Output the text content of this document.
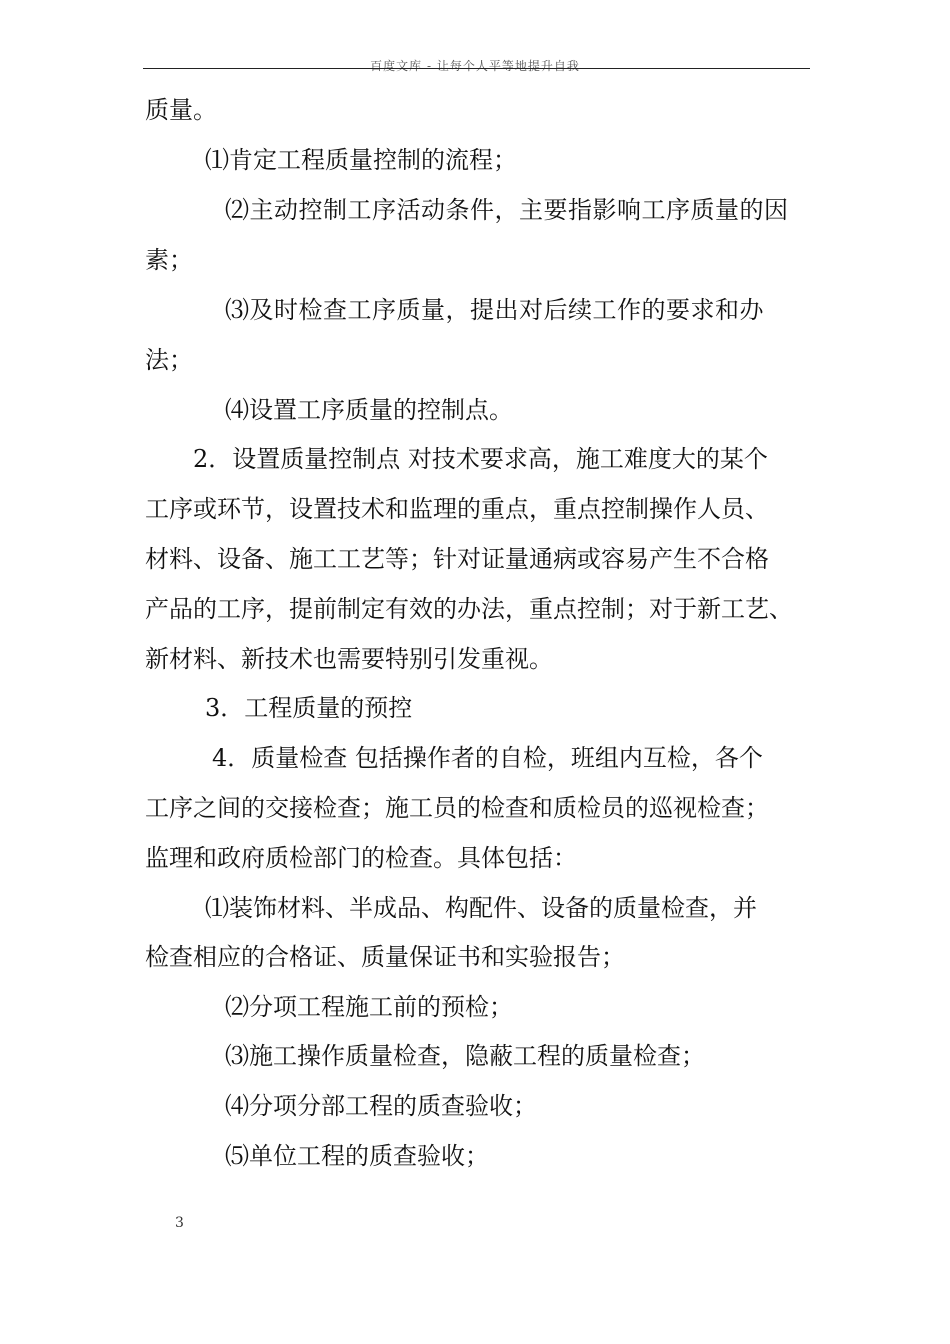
百度文库 - 让每个人平等地提升自我
质量。
⑴肯定工程质量控制的流程；
⑵主动控制工序活动条件，主要指影响工序质量的因
素；
⑶及时检查工序质量，提出对后续工作的要求和办
法；
⑷设置工序质量的控制点。
2．设置质量控制点 对技术要求高，施工难度大的某个
工序或环节，设置技术和监理的重点，重点控制操作人员、
材料、设备、施工工艺等；针对证量通病或容易产生不合格
产品的工序，提前制定有效的办法，重点控制；对于新工艺、
新材料、新技术也需要特别引发重视。
3．工程质量的预控
4．质量检查 包括操作者的自检，班组内互检，各个
工序之间的交接检查；施工员的检查和质检员的巡视检查；
监理和政府质检部门的检查。具体包括：
⑴装饰材料、半成品、构配件、设备的质量检查，并
检查相应的合格证、质量保证书和实验报告；
⑵分项工程施工前的预检；
⑶施工操作质量检查，隐蔽工程的质量检查；
⑷分项分部工程的质查验收；
⑸单位工程的质查验收；
3
